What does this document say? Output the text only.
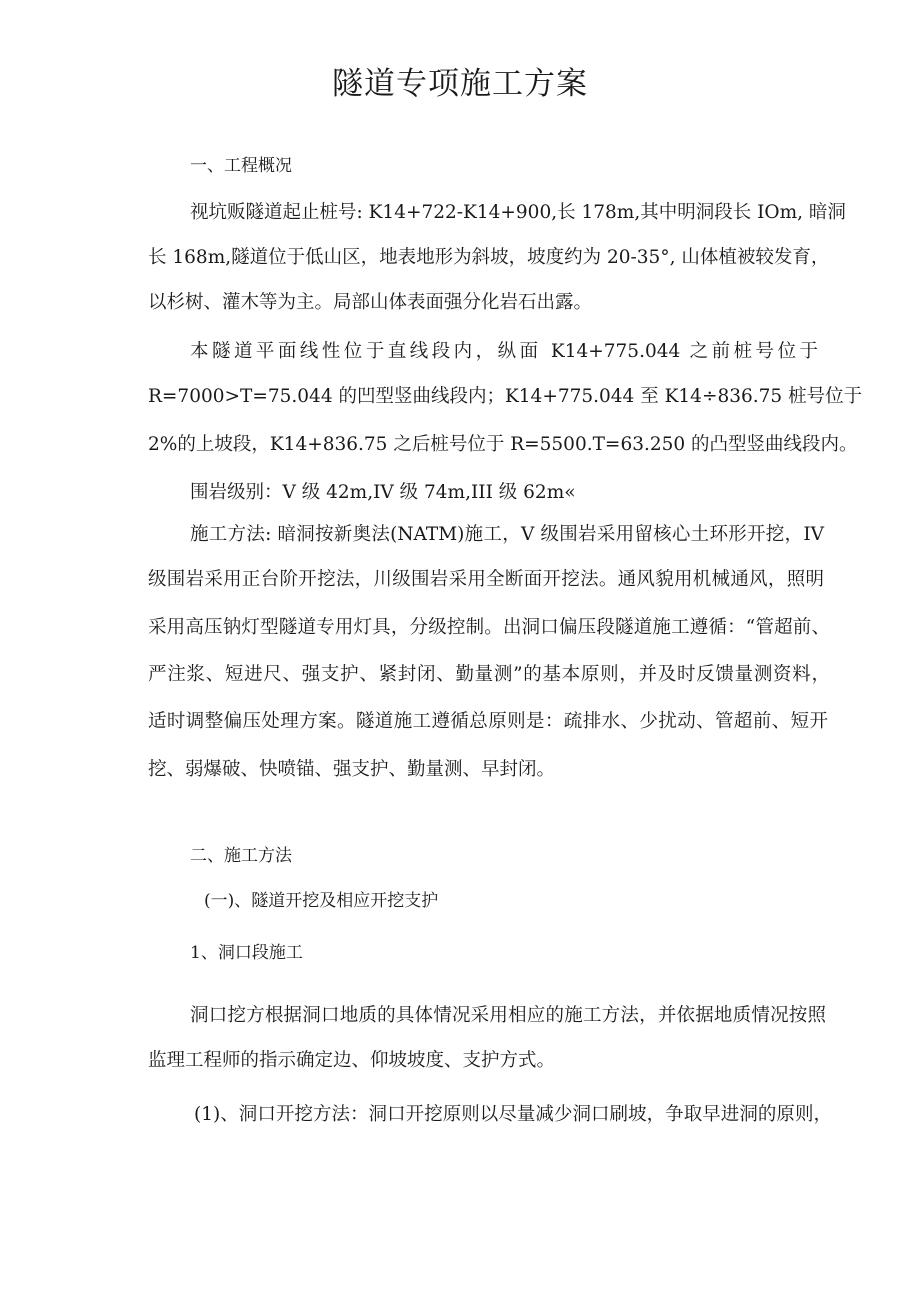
隧道专项施工方案
一、工程概况
视坑贩隧道起止桩号: K14+722-K14+900,长 178m,其中明洞段长 IOm, 暗洞
长 168m,隧道位于低山区，地表地形为斜坡，坡度约为 20-35°, 山体植被较发育，
以杉树、灌木等为主。局部山体表面强分化岩石出露。
本隧道平面线性位于直线段内，纵面 K14+775.044 之前桩号位于
R=7000>T=75.044 的凹型竖曲线段内；K14+775.044 至 K14÷836.75 桩号位于
2%的上坡段，K14+836.75 之后桩号位于 R=5500.T=63.250 的凸型竖曲线段内。
围岩级别：V 级 42m,IV 级 74m,III 级 62m«
施工方法: 暗洞按新奥法(NATM)施工，V 级围岩采用留核心土环形开挖，IV
级围岩采用正台阶开挖法，川级围岩采用全断面开挖法。通风貌用机械通风，照明
采用高压钠灯型隧道专用灯具，分级控制。出洞口偏压段隧道施工遵循：“管超前、
严注浆、短进尺、强支护、紧封闭、勤量测”的基本原则，并及时反馈量测资料，
适时调整偏压处理方案。隧道施工遵循总原则是：疏排水、少扰动、管超前、短开
挖、弱爆破、快喷锚、强支护、勤量测、早封闭。
二、施工方法
(一)、隧道开挖及相应开挖支护
1、洞口段施工
洞口挖方根据洞口地质的具体情况采用相应的施工方法，并依据地质情况按照
监理工程师的指示确定边、仰坡坡度、支护方式。
(1)、洞口开挖方法：洞口开挖原则以尽量减少洞口刷坡，争取早进洞的原则，
